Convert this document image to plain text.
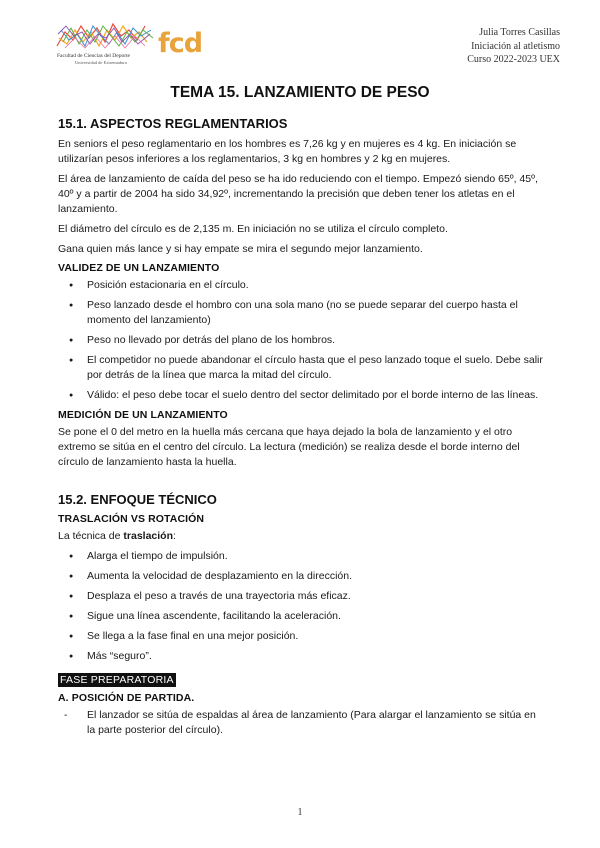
fcd
Facultad de Ciencias del Deporte
Universidad de Extremadura
Julia Torres Casillas
Iniciación al atletismo
Curso 2022-2023 UEX
TEMA 15. LANZAMIENTO DE PESO
15.1. ASPECTOS REGLAMENTARIOS

En seniors el peso reglamentario en los hombres es 7,26 kg y en mujeres es 4 kg. En iniciación se utilizarían pesos inferiores a los reglamentarios, 3 kg en hombres y 2 kg en mujeres.

El área de lanzamiento de caída del peso se ha ido reduciendo con el tiempo. Empezó siendo 65º, 45º, 40º y a partir de 2004 ha sido 34,92º, incrementando la precisión que deben tener los atletas en el lanzamiento.

El diámetro del círculo es de 2,135 m. En iniciación no se utiliza el círculo completo.

Gana quien más lance y si hay empate se mira el segundo mejor lanzamiento.

VALIDEZ DE UN LANZAMIENTO
● Posición estacionaria en el círculo.
● Peso lanzado desde el hombro con una sola mano (no se puede separar del cuerpo hasta el momento del lanzamiento)
● Peso no llevado por detrás del plano de los hombros.
● El competidor no puede abandonar el círculo hasta que el peso lanzado toque el suelo. Debe salir por detrás de la línea que marca la mitad del círculo.
● Válido: el peso debe tocar el suelo dentro del sector delimitado por el borde interno de las líneas.
MEDICIÓN DE UN LANZAMIENTO

Se pone el 0 del metro en la huella más cercana que haya dejado la bola de lanzamiento y el otro extremo se sitúa en el centro del círculo. La lectura (medición) se realiza desde el borde interno del círculo de lanzamiento hasta la huella.

15.2. ENFOQUE TÉCNICO
TRASLACIÓN VS ROTACIÓN

La técnica de traslación:

● Alarga el tiempo de impulsión.
● Aumenta la velocidad de desplazamiento en la dirección.
● Desplaza el peso a través de una trayectoria más eficaz.
● Sigue una línea ascendente, facilitando la aceleración.
● Se llega a la fase final en una mejor posición.
● Más “seguro”.
FASE PREPARATORIA
A. POSICIÓN DE PARTIDA.
- El lanzador se sitúa de espaldas al área de lanzamiento (Para alargar el lanzamiento se sitúa en la parte posterior del círculo).
1
